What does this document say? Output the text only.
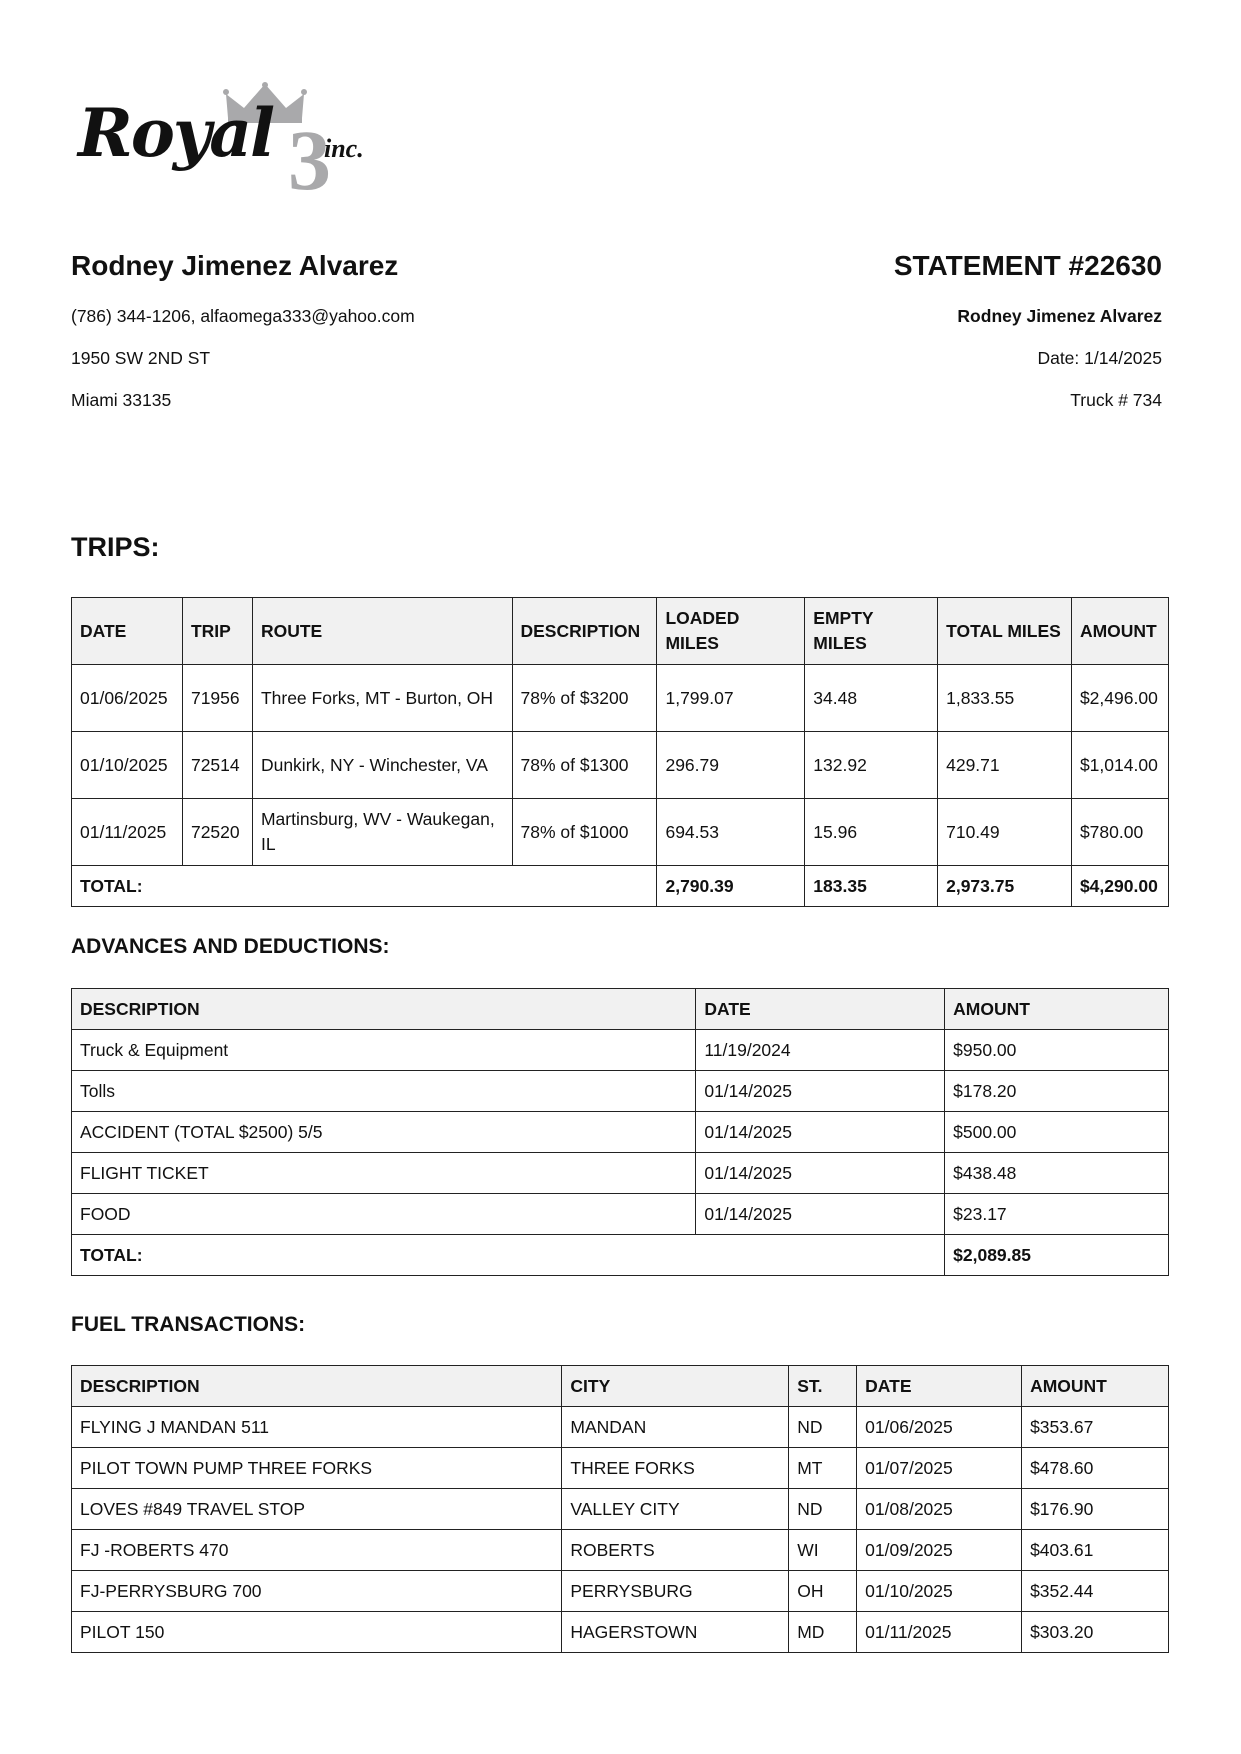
3
Royal inc.
Rodney Jimenez Alvarez
(786) 344-1206, alfaomega333@yahoo.com
1950 SW 2ND ST
Miami 33135
STATEMENT #22630
Rodney Jimenez Alvarez
Date: 1/14/2025
Truck # 734
TRIPS:
DATE	TRIP	ROUTE	DESCRIPTION	LOADED MILES	EMPTY MILES	TOTAL MILES	AMOUNT
01/06/2025	71956	Three Forks, MT - Burton, OH	78% of $3200	1,799.07	34.48	1,833.55	$2,496.00
01/10/2025	72514	Dunkirk, NY - Winchester, VA	78% of $1300	296.79	132.92	429.71	$1,014.00
01/11/2025	72520	Martinsburg, WV - Waukegan, IL	78% of $1000	694.53	15.96	710.49	$780.00
TOTAL:				2,790.39	183.35	2,973.75	$4,290.00
ADVANCES AND DEDUCTIONS:
DESCRIPTION	DATE	AMOUNT
Truck & Equipment	11/19/2024	$950.00
Tolls	01/14/2025	$178.20
ACCIDENT (TOTAL $2500) 5/5	01/14/2025	$500.00
FLIGHT TICKET	01/14/2025	$438.48
FOOD	01/14/2025	$23.17
TOTAL:		$2,089.85
FUEL TRANSACTIONS:
DESCRIPTION	CITY	ST.	DATE	AMOUNT
FLYING J MANDAN 511	MANDAN	ND	01/06/2025	$353.67
PILOT TOWN PUMP THREE FORKS	THREE FORKS	MT	01/07/2025	$478.60
LOVES #849 TRAVEL STOP	VALLEY CITY	ND	01/08/2025	$176.90
FJ -ROBERTS 470	ROBERTS	WI	01/09/2025	$403.61
FJ-PERRYSBURG 700	PERRYSBURG	OH	01/10/2025	$352.44
PILOT 150	HAGERSTOWN	MD	01/11/2025	$303.20
